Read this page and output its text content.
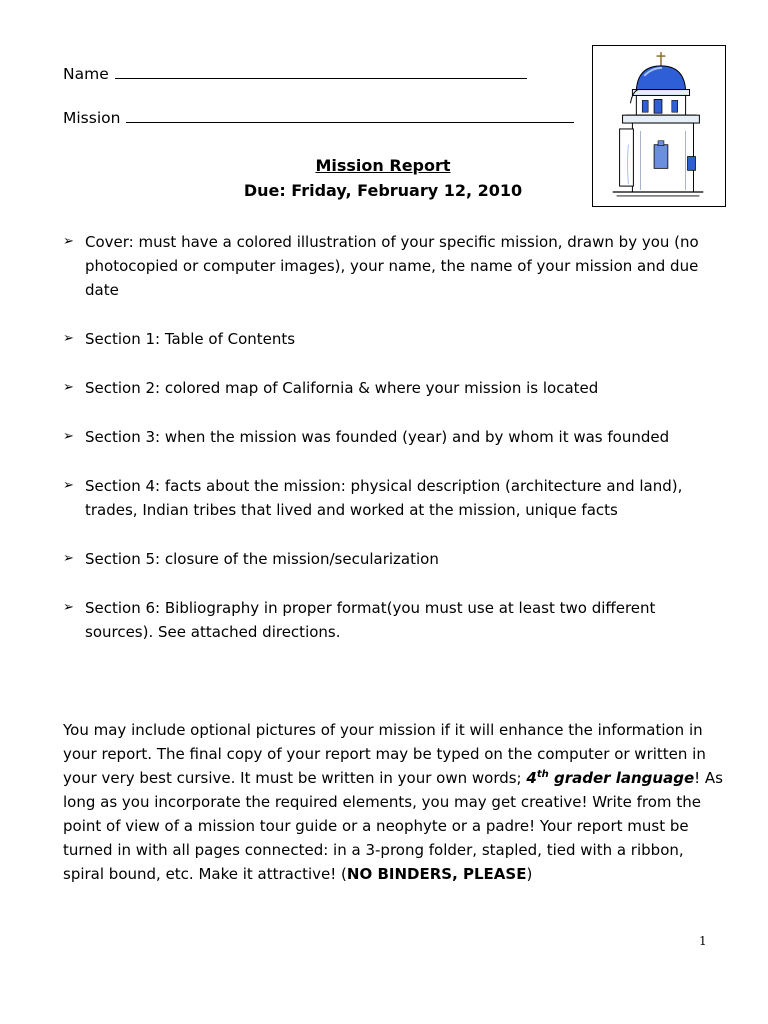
Name
Mission
Mission Report
Due: Friday, February 12, 2010
➢ Cover: must have a colored illustration of your specific mission, drawn by you (no photocopied or computer images), your name, the name of your mission and due date
➢ Section 1: Table of Contents
➢ Section 2: colored map of California & where your mission is located
➢ Section 3: when the mission was founded (year) and by whom it was founded
➢ Section 4: facts about the mission: physical description (architecture and land), trades, Indian tribes that lived and worked at the mission, unique facts
➢ Section 5: closure of the mission/secularization
➢ Section 6: Bibliography in proper format(you must use at least two different sources). See attached directions.

You may include optional pictures of your mission if it will enhance the information in your report. The final copy of your report may be typed on the computer or written in your very best cursive. It must be written in your own words; 4th grader language! As long as you incorporate the required elements, you may get creative! Write from the point of view of a mission tour guide or a neophyte or a padre! Your report must be turned in with all pages connected: in a 3-prong folder, stapled, tied with a ribbon, spiral bound, etc. Make it attractive! (NO BINDERS, PLEASE)

1
